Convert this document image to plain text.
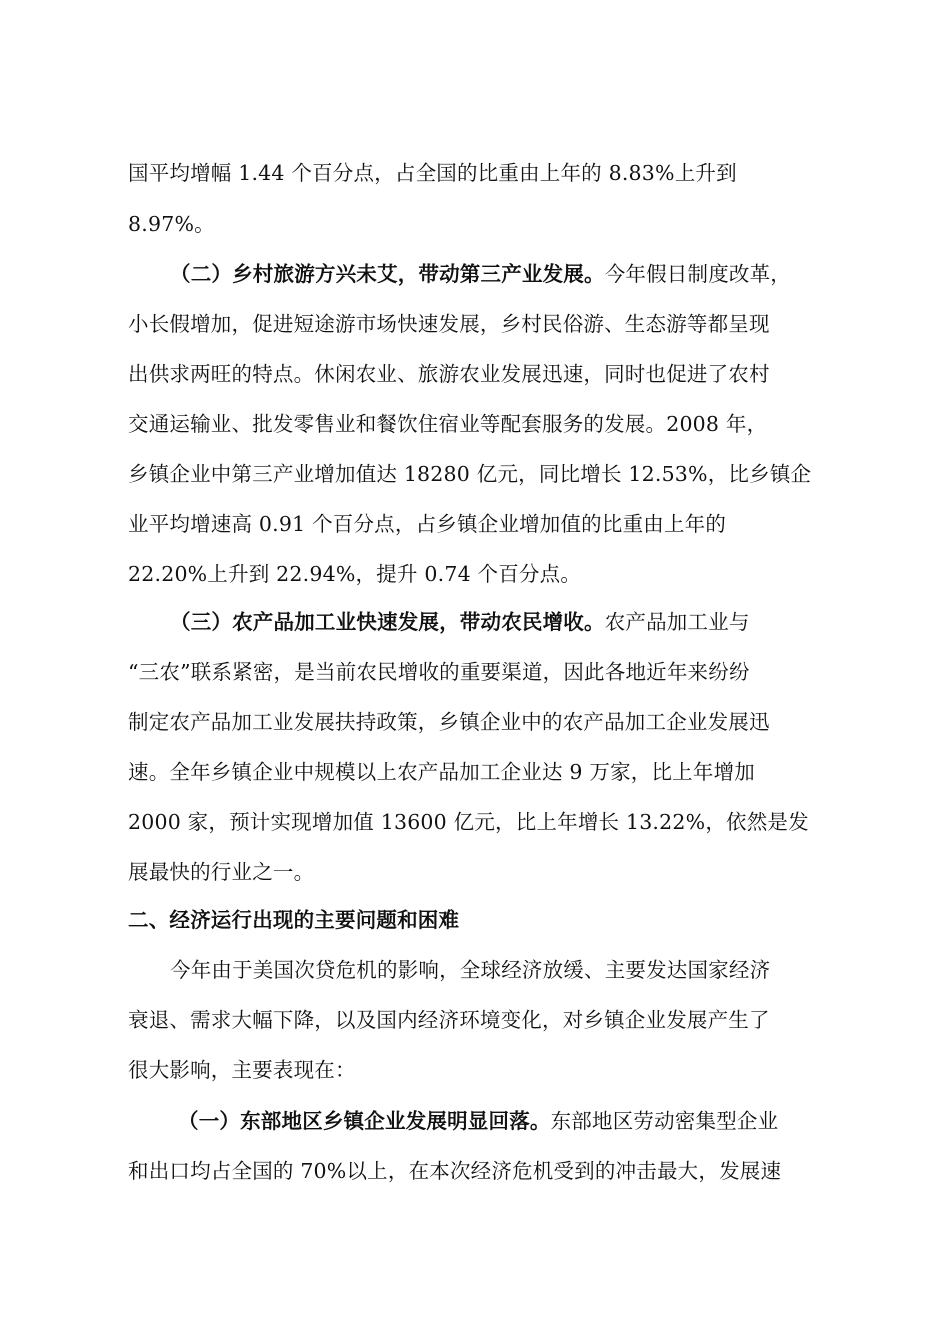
国平均增幅 1.44 个百分点，占全国的比重由上年的 8.83%上升到
8.97%。
（二）乡村旅游方兴未艾，带动第三产业发展。今年假日制度改革，
小长假增加，促进短途游市场快速发展，乡村民俗游、生态游等都呈现
出供求两旺的特点。休闲农业、旅游农业发展迅速，同时也促进了农村
交通运输业、批发零售业和餐饮住宿业等配套服务的发展。2008 年，
乡镇企业中第三产业增加值达 18280 亿元，同比增长 12.53%，比乡镇企
业平均增速高 0.91 个百分点，占乡镇企业增加值的比重由上年的
22.20%上升到 22.94%，提升 0.74 个百分点。
（三）农产品加工业快速发展，带动农民增收。农产品加工业与
“三农”联系紧密，是当前农民增收的重要渠道，因此各地近年来纷纷
制定农产品加工业发展扶持政策，乡镇企业中的农产品加工企业发展迅
速。全年乡镇企业中规模以上农产品加工企业达 9 万家，比上年增加
2000 家，预计实现增加值 13600 亿元，比上年增长 13.22%，依然是发
展最快的行业之一。
二、经济运行出现的主要问题和困难
今年由于美国次贷危机的影响，全球经济放缓、主要发达国家经济
衰退、需求大幅下降，以及国内经济环境变化，对乡镇企业发展产生了
很大影响，主要表现在：
（一）东部地区乡镇企业发展明显回落。东部地区劳动密集型企业
和出口均占全国的 70%以上，在本次经济危机受到的冲击最大，发展速
